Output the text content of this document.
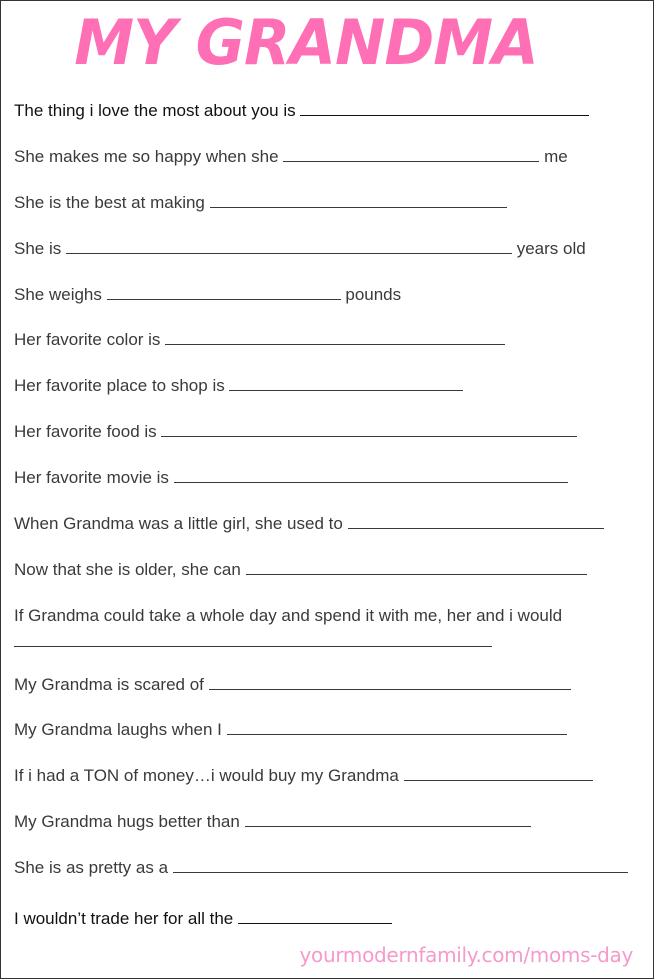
MY GRANDMA
The thing i love the most about you is
She makes me so happy when she	me
She is the best at making
She is	years old
She weighs	pounds
Her favorite color is
Her favorite place to shop is
Her favorite food is
Her favorite movie is
When Grandma was a little girl, she used to
Now that she is older, she can
If Grandma could take a whole day and spend it with me, her and i would
My Grandma is scared of
My Grandma laughs when I
If i had a TON of money…i would buy my Grandma
My Grandma hugs better than
She is as pretty as a
I wouldn’t trade her for all the
yourmodernfamily.com/moms-day
